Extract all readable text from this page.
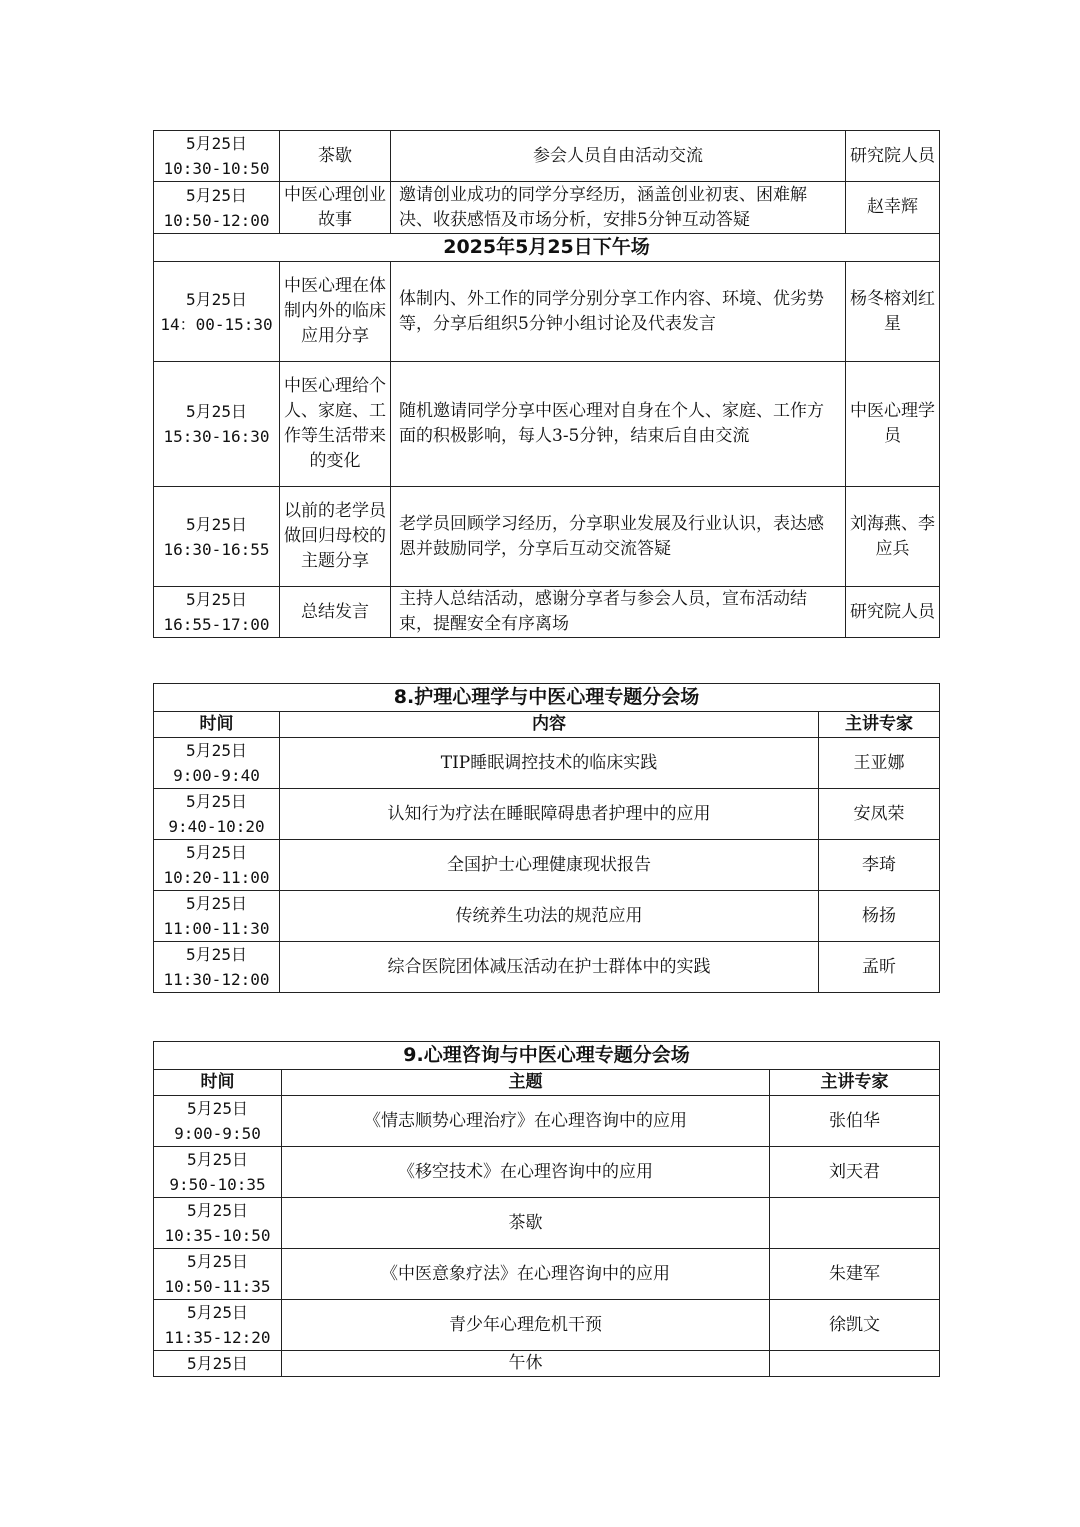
5月25日
10:30-10:50	茶歇	参会人员自由活动交流	研究院人员

5月25日
10:50-12:00	中医心理创业故事	邀请创业成功的同学分享经历，涵盖创业初衷、困难解决、收获感悟及市场分析，安排5分钟互动答疑	赵幸辉
2025年5月25日下午场			

5月25日
14：00-15:30	中医心理在体制内外的临床应用分享	体制内、外工作的同学分别分享工作内容、环境、优劣势等，分享后组织5分钟小组讨论及代表发言	杨冬榕刘红星

5月25日
15:30-16:30	中医心理给个人、家庭、工作等生活带来的变化	随机邀请同学分享中医心理对自身在个人、家庭、工作方面的积极影响，每人3-5分钟，结束后自由交流	中医心理学员

5月25日
16:30-16:55	以前的老学员做回归母校的主题分享	老学员回顾学习经历，分享职业发展及行业认识，表达感恩并鼓励同学，分享后互动交流答疑	刘海燕、李应兵

5月25日
16:55-17:00	总结发言	主持人总结活动，感谢分享者与参会人员，宣布活动结束，提醒安全有序离场	研究院人员
8.护理心理学与中医心理专题分会场		
时间	内容	主讲专家

5月25日
9:00-9:40	TIP睡眠调控技术的临床实践	王亚娜

5月25日
9:40-10:20	认知行为疗法在睡眠障碍患者护理中的应用	安凤荣

5月25日
10:20-11:00	全国护士心理健康现状报告	李琦

5月25日
11:00-11:30	传统养生功法的规范应用	杨扬

5月25日
11:30-12:00	综合医院团体减压活动在护士群体中的实践	孟昕
9.心理咨询与中医心理专题分会场		
时间	主题	主讲专家

5月25日
9:00-9:50	《情志顺势心理治疗》在心理咨询中的应用	张伯华

5月25日
9:50-10:35	《移空技术》在心理咨询中的应用	刘天君

5月25日
10:35-10:50	茶歇	

5月25日
10:50-11:35	《中医意象疗法》在心理咨询中的应用	朱建军

5月25日
11:35-12:20	青少年心理危机干预	徐凯文

5月25日	午休	
